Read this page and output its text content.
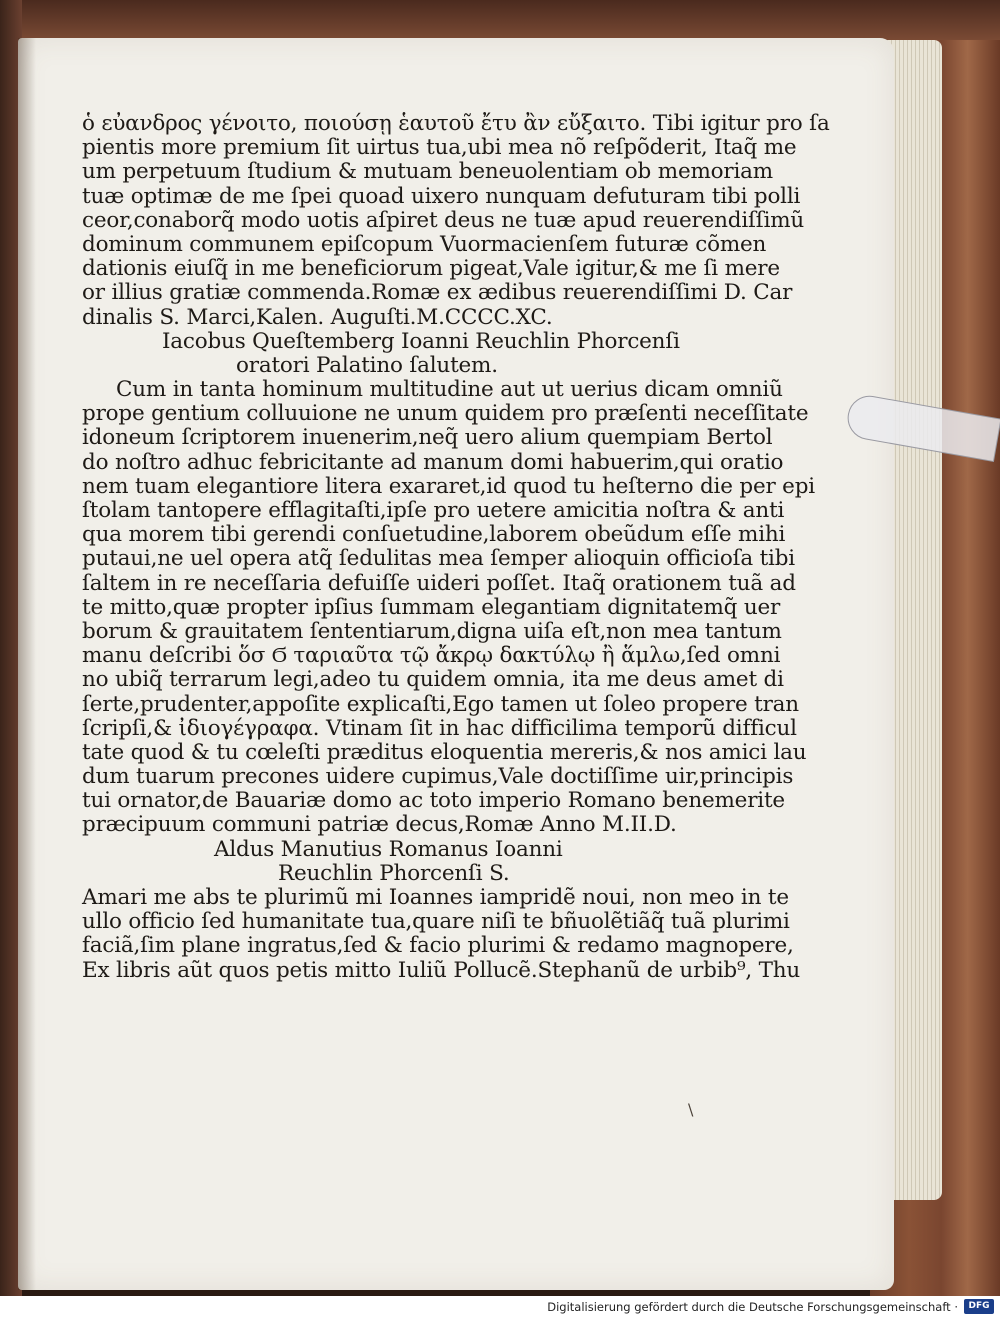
ὁ εὐανδρος γένοιτο, ποιούσῃ ἑαυτοῦ ἔτυ ἂν εὔξαιτο. Tibi igitur pro ſa
pientis more premium ſit uirtus tua,ubi mea nõ reſpõderit, Itaq̃ me
um perpetuum ſtudium & mutuam beneuolentiam ob memoriam
tuæ optimæ de me ſpei quoad uixero nunquam defuturam tibi polli
ceor,conaborq̃ modo uotis aſpiret deus ne tuæ apud reuerendiſſimũ
dominum communem epiſcopum Vuormacienſem futuræ cõmen
dationis eiuſq̃ in me beneficiorum pigeat,Vale igitur,& me ſi mere
or illius gratiæ commenda.Romæ ex ædibus reuerendiſſimi D. Car
dinalis S. Marci,Kalen. Auguſti.M.CCCC.XC.
Iacobus Queſtemberg Ioanni Reuchlin Phorcenſi
oratori Palatino ſalutem.
Cum in tanta hominum multitudine aut ut uerius dicam omniũ
prope gentium colluuione ne unum quidem pro præſenti neceſſitate
idoneum ſcriptorem inuenerim,neq̃ uero alium quempiam Bertol
do noſtro adhuc febricitante ad manum domi habuerim,qui oratio
nem tuam elegantiore litera exararet,id quod tu heſterno die per epi
ſtolam tantopere efflagitaſti,ipſe pro uetere amicitia noſtra & anti
qua morem tibi gerendi conſuetudine,laborem obeũdum eſſe mihi
putaui,ne uel opera atq̃ ſedulitas mea ſemper alioquin officioſa tibi
ſaltem in re neceſſaria defuiſſe uideri poſſet. Itaq̃ orationem tuã ad
te mitto,quæ propter ipſius ſummam elegantiam dignitatemq̃ uer
borum & grauitatem ſententiarum,digna uiſa eſt,non mea tantum
manu deſcribi ὅσ Ϭ ταριαῦτα τῷ ἄκρῳ δακτύλῳ ἢ ἅμλω,ſed omni
no ubiq̃ terrarum legi,adeo tu quidem omnia, ita me deus amet di
ſerte,prudenter,appoſite explicaſti,Ego tamen ut ſoleo propere tran
ſcripſi,& ἰδιογέγραφα. Vtinam ſit in hac difficilima temporũ difficul
tate quod & tu cœleſti præditus eloquentia mereris,& nos amici lau
dum tuarum precones uidere cupimus,Vale doctiſſime uir,principis
tui ornator,de Bauariæ domo ac toto imperio Romano benemerite
præcipuum communi patriæ decus,Romæ Anno M.II.D.
Aldus Manutius Romanus Ioanni
Reuchlin Phorcenſi S.
Amari me abs te plurimũ mi Ioannes iampridẽ noui, non meo in te
ullo officio ſed humanitate tua,quare niſi te bñuolẽtiãq̃ tuã plurimi
faciã,ſim plane ingratus,ſed & facio plurimi & redamo magnopere,
Ex libris aũt quos petis mitto Iuliũ Pollucẽ.Stephanũ de urbib⁹, Thu
\
Digitalisierung gefördert durch die Deutsche Forschungsgemeinschaft ·	DFG
